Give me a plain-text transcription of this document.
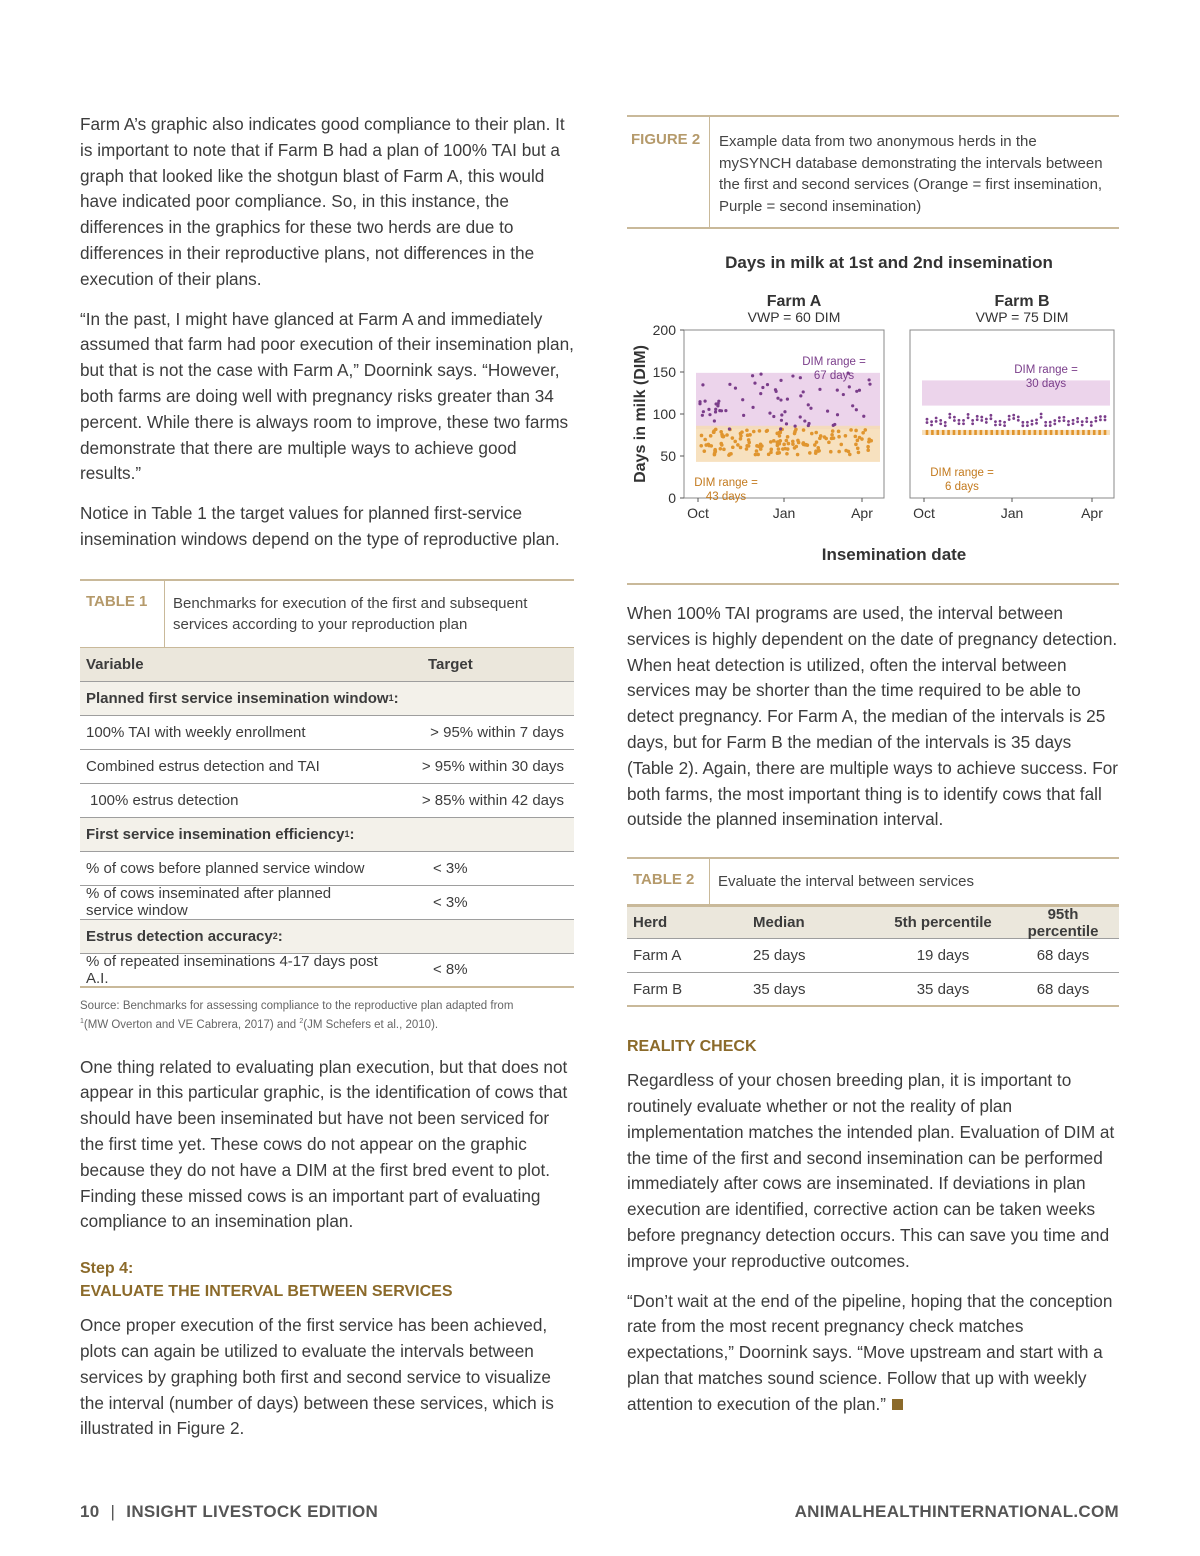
Farm A’s graphic also indicates good compliance to their plan. It is important to note that if Farm B had a plan of 100% TAI but a graph that looked like the shotgun blast of Farm A, this would have indicated poor compliance. So, in this instance, the differences in the graphics for these two herds are due to differences in their reproductive plans, not differences in the execution of their plans.

“In the past, I might have glanced at Farm A and immediately assumed that farm had poor execution of their insemination plan, but that is not the case with Farm A,” Doornink says. “However, both farms are doing well with pregnancy risks greater than 34 percent. While there is always room to improve, these two farms demonstrate that there are multiple ways to achieve good results.”

Notice in Table 1 the target values for planned first-service insemination windows depend on the type of reproductive plan.

TABLE 1	Benchmarks for execution of the first and subsequent services according to your reproduction plan
Variable	Target
Planned first service insemination window 1 :
100% TAI with weekly enrollment	> 95% within 7 days
Combined estrus detection and TAI	> 95% within 30 days
100% estrus detection	> 85% within 42 days
First service insemination efficiency 1 :
% of cows before planned service window	< 3%
% of cows inseminated after planned service window	< 3%
Estrus detection accuracy 2 :
% of repeated inseminations 4-17 days post A.I.	< 8%
Source: Benchmarks for assessing compliance to the reproductive plan adapted from
$^1$(MW Overton and VE Cabrera, 2017) and $^2$(JM Schefers et al., 2010).

One thing related to evaluating plan execution, but that does not appear in this particular graphic, is the identification of cows that should have been inseminated but have not been serviced for the first time yet. These cows do not appear on the graphic because they do not have a DIM at the first bred event to plot. Finding these missed cows is an important part of evaluating compliance to an insemination plan.

Step 4:
EVALUATE THE INTERVAL BETWEEN SERVICES

Once proper execution of the first service has been achieved, plots can again be utilized to evaluate the intervals between services by graphing both first and second service to visualize the interval (number of days) between these services, which is illustrated in Figure 2.

FIGURE 2	Example data from two anonymous herds in the mySYNCH database demonstrating the intervals between the first and second services (Orange = first insemination, Purple = second insemination)
Days in milk at 1st and 2nd insemination
Insemination date
Days in milk (DIM)
Farm A
VWP = 60 DIM
DIM range =
43 days
DIM range =
67 days
Oct	Jan	Apr
Farm B
VWP = 75 DIM
DIM range =
6 days
DIM range =
30 days
Oct	Jan	Apr
0
50
100
150
200

When 100% TAI programs are used, the interval between services is highly dependent on the date of pregnancy detection. When heat detection is utilized, often the interval between services may be shorter than the time required to be able to detect pregnancy. For Farm A, the median of the intervals is 25 days, but for Farm B the median of the intervals is 35 days (Table 2). Again, there are multiple ways to achieve success. For both farms, the most important thing is to identify cows that fall outside the planned insemination interval.

TABLE 2	Evaluate the interval between services
Herd	Median	5th percentile	95th percentile
Farm A	25 days	19 days	68 days
Farm B	35 days	35 days	68 days
REALITY CHECK

Regardless of your chosen breeding plan, it is important to routinely evaluate whether or not the reality of plan implementation matches the intended plan. Evaluation of DIM at the time of the first and second insemination can be performed immediately after cows are inseminated. If deviations in plan execution are identified, corrective action can be taken weeks before pregnancy detection occurs. This can save you time and improve your reproductive outcomes.

“Don’t wait at the end of the pipeline, hoping that the conception rate from the most recent pregnancy check matches expectations,” Doornink says. “Move upstream and start with a plan that matches sound science. Follow that up with weekly attention to execution of the plan.”

10 | INSIGHT LIVESTOCK EDITION	ANIMALHEALTHINTERNATIONAL.COM
